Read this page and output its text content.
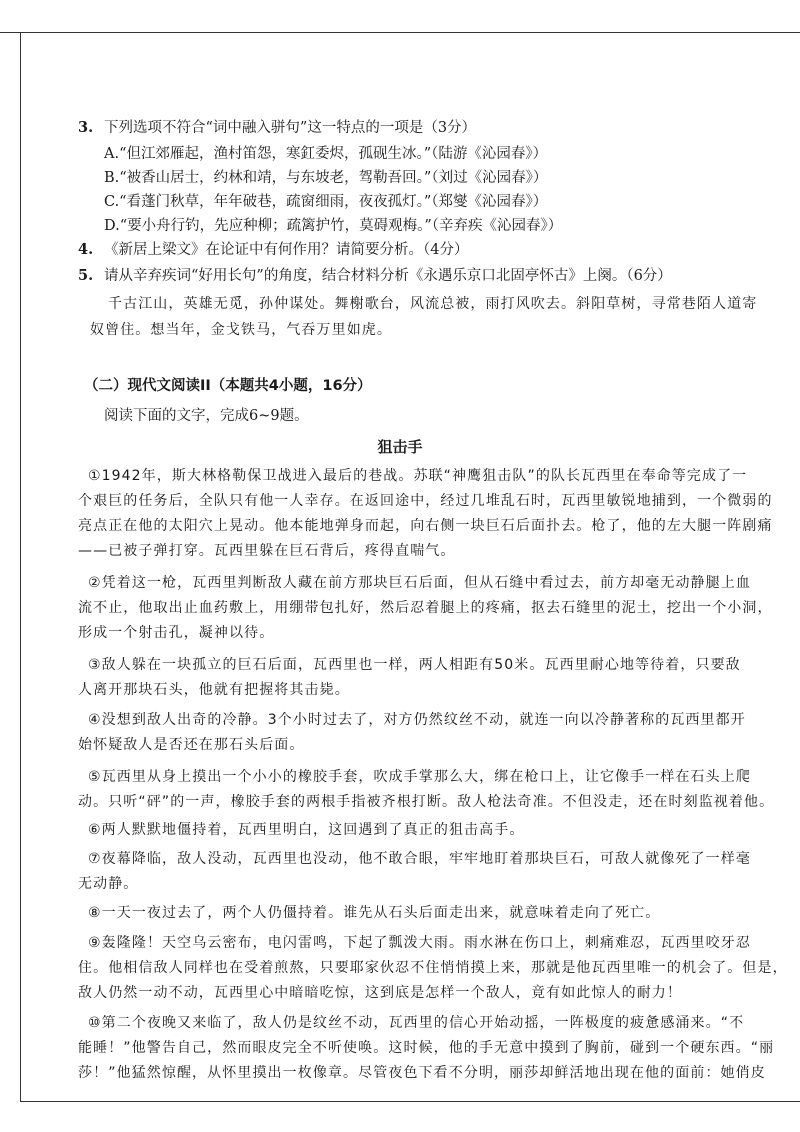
3. 下列选项不符合“词中融入骈句”这一特点的一项是（3分）
A.“但江郊雁起，渔村笛怨，寒釭委烬，孤砚生冰。”（陆游《沁园春》）
B.“被香山居士，约林和靖，与东坡老，驾勒吾回。”（刘过《沁园春》）
C.“看蓬门秋草，年年破巷，疏窗细雨，夜夜孤灯。”（郑燮《沁园春》）
D.“要小舟行钓，先应种柳；疏篱护竹，莫碍观梅。”（辛弃疾《沁园春》）
4. 《新居上梁文》在论证中有何作用？请简要分析。（4分）
5. 请从辛弃疾词“好用长句”的角度，结合材料分析《永遇乐京口北固亭怀古》上阕。（6分）
千古江山，英雄无觅，孙仲谋处。舞榭歌台，风流总被，雨打风吹去。斜阳草树，寻常巷陌人道寄
奴曾住。想当年，金戈铁马，气吞万里如虎。
（二）现代文阅读II（本题共4小题，16分）
阅读下面的文字，完成6~9题。
狙击手
①1942年，斯大林格勒保卫战进入最后的巷战。苏联“神鹰狙击队”的队长瓦西里在奉命等完成了一
个艰巨的任务后，全队只有他一人幸存。在返回途中，经过几堆乱石时，瓦西里敏锐地捕到，一个微弱的
亮点正在他的太阳穴上晃动。他本能地弹身而起，向右侧一块巨石后面扑去。枪了，他的左大腿一阵剧痛
——已被子弹打穿。瓦西里躲在巨石背后，疼得直喘气。
②凭着这一枪，瓦西里判断敌人藏在前方那块巨石后面，但从石缝中看过去，前方却毫无动静腿上血
流不止，他取出止血药敷上，用绷带包扎好，然后忍着腿上的疼痛，抠去石缝里的泥土，挖出一个小洞，
形成一个射击孔，凝神以待。
③敌人躲在一块孤立的巨石后面，瓦西里也一样，两人相距有50米。瓦西里耐心地等待着，只要敌
人离开那块石头，他就有把握将其击毙。
④没想到敌人出奇的冷静。3个小时过去了，对方仍然纹丝不动，就连一向以冷静著称的瓦西里都开
始怀疑敌人是否还在那石头后面。
⑤瓦西里从身上摸出一个小小的橡胶手套，吹成手掌那么大，绑在枪口上，让它像手一样在石头上爬
动。只听“砰”的一声，橡胶手套的两根手指被齐根打断。敌人枪法奇准。不但没走，还在时刻监视着他。
⑥两人默默地僵持着，瓦西里明白，这回遇到了真正的狙击高手。
⑦夜幕降临，敌人没动，瓦西里也没动，他不敢合眼，牢牢地盯着那块巨石，可敌人就像死了一样毫
无动静。
⑧一天一夜过去了，两个人仍僵持着。谁先从石头后面走出来，就意味着走向了死亡。
⑨轰隆隆！天空乌云密布，电闪雷鸣，下起了瓢泼大雨。雨水淋在伤口上，刺痛难忍，瓦西里咬牙忍
住。他相信敌人同样也在受着煎熬，只要耶家伙忍不住悄悄摸上来，那就是他瓦西里唯一的机会了。但是，
敌人仍然一动不动，瓦西里心中暗暗吃惊，这到底是怎样一个敌人，竟有如此惊人的耐力！
⑩第二个夜晚又来临了，敌人仍是纹丝不动，瓦西里的信心开始动摇，一阵极度的疲惫感涌来。“不
能睡！”他警告自己，然而眼皮完全不听使唤。这时候，他的手无意中摸到了胸前，碰到一个硬东西。“丽
莎！”他猛然惊醒，从怀里摸出一枚像章。尽管夜色下看不分明，丽莎却鲜活地出现在他的面前：她俏皮
